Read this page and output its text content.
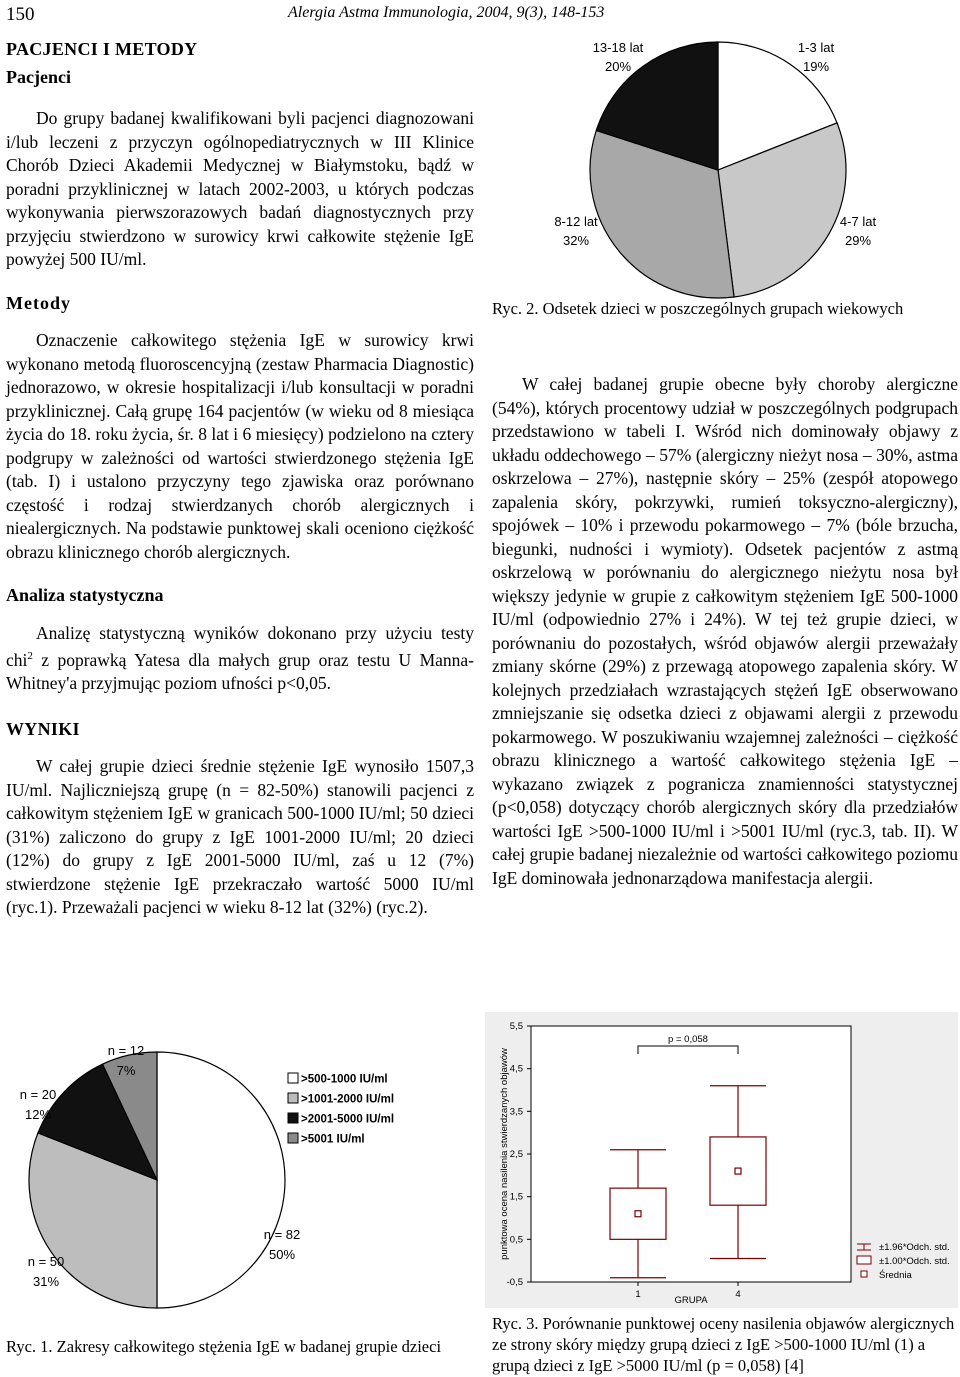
150	Alergia Astma Immunologia, 2004, 9(3), 148-153
PACJENCI I METODY
Pacjenci

Do grupy badanej kwalifikowani byli pacjenci diagnozowani i/lub leczeni z przyczyn ogólnopediatrycznych w III Klinice Chorób Dzieci Akademii Medycznej w Białymstoku, bądź w poradni przyklinicznej w latach 2002-2003, u których podczas wykonywania pierwszorazowych badań diagnostycznych przy przyjęciu stwierdzono w surowicy krwi całkowite stężenie IgE powyżej 500 IU/ml.

Metody

Oznaczenie całkowitego stężenia IgE w surowicy krwi wykonano metodą fluoroscencyjną (zestaw Pharmacia Diagnostic) jednorazowo, w okresie hospitalizacji i/lub konsultacji w poradni przyklinicznej. Całą grupę 164 pacjentów (w wieku od 8 miesiąca życia do 18. roku życia, śr. 8 lat i 6 miesięcy) podzielono na cztery podgrupy w zależności od wartości stwierdzonego stężenia IgE (tab. I) i ustalono przyczyny tego zjawiska oraz porównano częstość i rodzaj stwierdzanych chorób alergicznych i niealergicznych. Na podstawie punktowej skali oceniono ciężkość obrazu klinicznego chorób alergicznych.

Analiza statystyczna

Analizę statystyczną wyników dokonano przy użyciu testy chi$^2$ z poprawką Yatesa dla małych grup oraz testu U Manna-Whitney'a przyjmując poziom ufności p<0,05.

WYNIKI

W całej grupie dzieci średnie stężenie IgE wynosiło 1507,3 IU/ml. Najliczniejszą grupę (n = 82-50%) stanowili pacjenci z całkowitym stężeniem IgE w granicach 500-1000 IU/ml; 50 dzieci (31%) zaliczono do grupy z IgE 1001-2000 IU/ml; 20 dzieci (12%) do grupy z IgE 2001-5000 IU/ml, zaś u 12 (7%) stwierdzone stężenie IgE przekraczało wartość 5000 IU/ml (ryc.1). Przeważali pacjenci w wieku 8-12 lat (32%) (ryc.2).

1-3 lat
19%
4-7 lat
29%
8-12 lat
32%
13-18 lat
20%
Ryc. 2. Odsetek dzieci w poszczególnych grupach wiekowych

W całej badanej grupie obecne były choroby alergiczne (54%), których procentowy udział w poszczególnych podgrupach przedstawiono w tabeli I. Wśród nich dominowały objawy z układu oddechowego – 57% (alergiczny nieżyt nosa – 30%, astma oskrzelowa – 27%), następnie skóry – 25% (zespół atopowego zapalenia skóry, pokrzywki, rumień toksyczno-alergiczny), spojówek – 10% i przewodu pokarmowego – 7% (bóle brzucha, biegunki, nudności i wymioty). Odsetek pacjentów z astmą oskrzelową w porównaniu do alergicznego nieżytu nosa był większy jedynie w grupie z całkowitym stężeniem IgE 500-1000 IU/ml (odpowiednio 27% i 24%). W tej też grupie dzieci, w porównaniu do pozostałych, wśród objawów alergii przeważały zmiany skórne (29%) z przewagą atopowego zapalenia skóry. W kolejnych przedziałach wzrastających stężeń IgE obserwowano zmniejszanie się odsetka dzieci z objawami alergii z przewodu pokarmowego. W poszukiwaniu wzajemnej zależności – ciężkość obrazu klinicznego a wartość całkowitego stężenia IgE – wykazano związek z pogranicza znamienności statystycznej (p<0,058) dotyczący chorób alergicznych skóry dla przedziałów wartości IgE >500-1000 IU/ml i >5001 IU/ml (ryc.3, tab. II). W całej grupie badanej niezależnie od wartości całkowitego poziomu IgE dominowała jednonarządowa manifestacja alergii.

n = 82
50%
n = 50
31%
n = 20
12%
n = 12
7%
>500-1000 IU/ml
>1001-2000 IU/ml
>2001-5000 IU/ml
>5001 IU/ml
Ryc. 1. Zakresy całkowitego stężenia IgE w badanej grupie dzieci
-0,5
0,5
1,5
2,5
3,5
4,5
5,5
1	4
p = 0,058
GRUPA
punktowa ocena nasilenia stwierdzanych objawów	±1.96*Odch. std.
±1.00*Odch. std.
Średnia
Ryc. 3. Porównanie punktowej oceny nasilenia objawów alergicznych ze strony skóry między grupą dzieci z IgE >500-1000 IU/ml (1) a grupą dzieci z IgE >5000 IU/ml (p = 0,058) [4]
